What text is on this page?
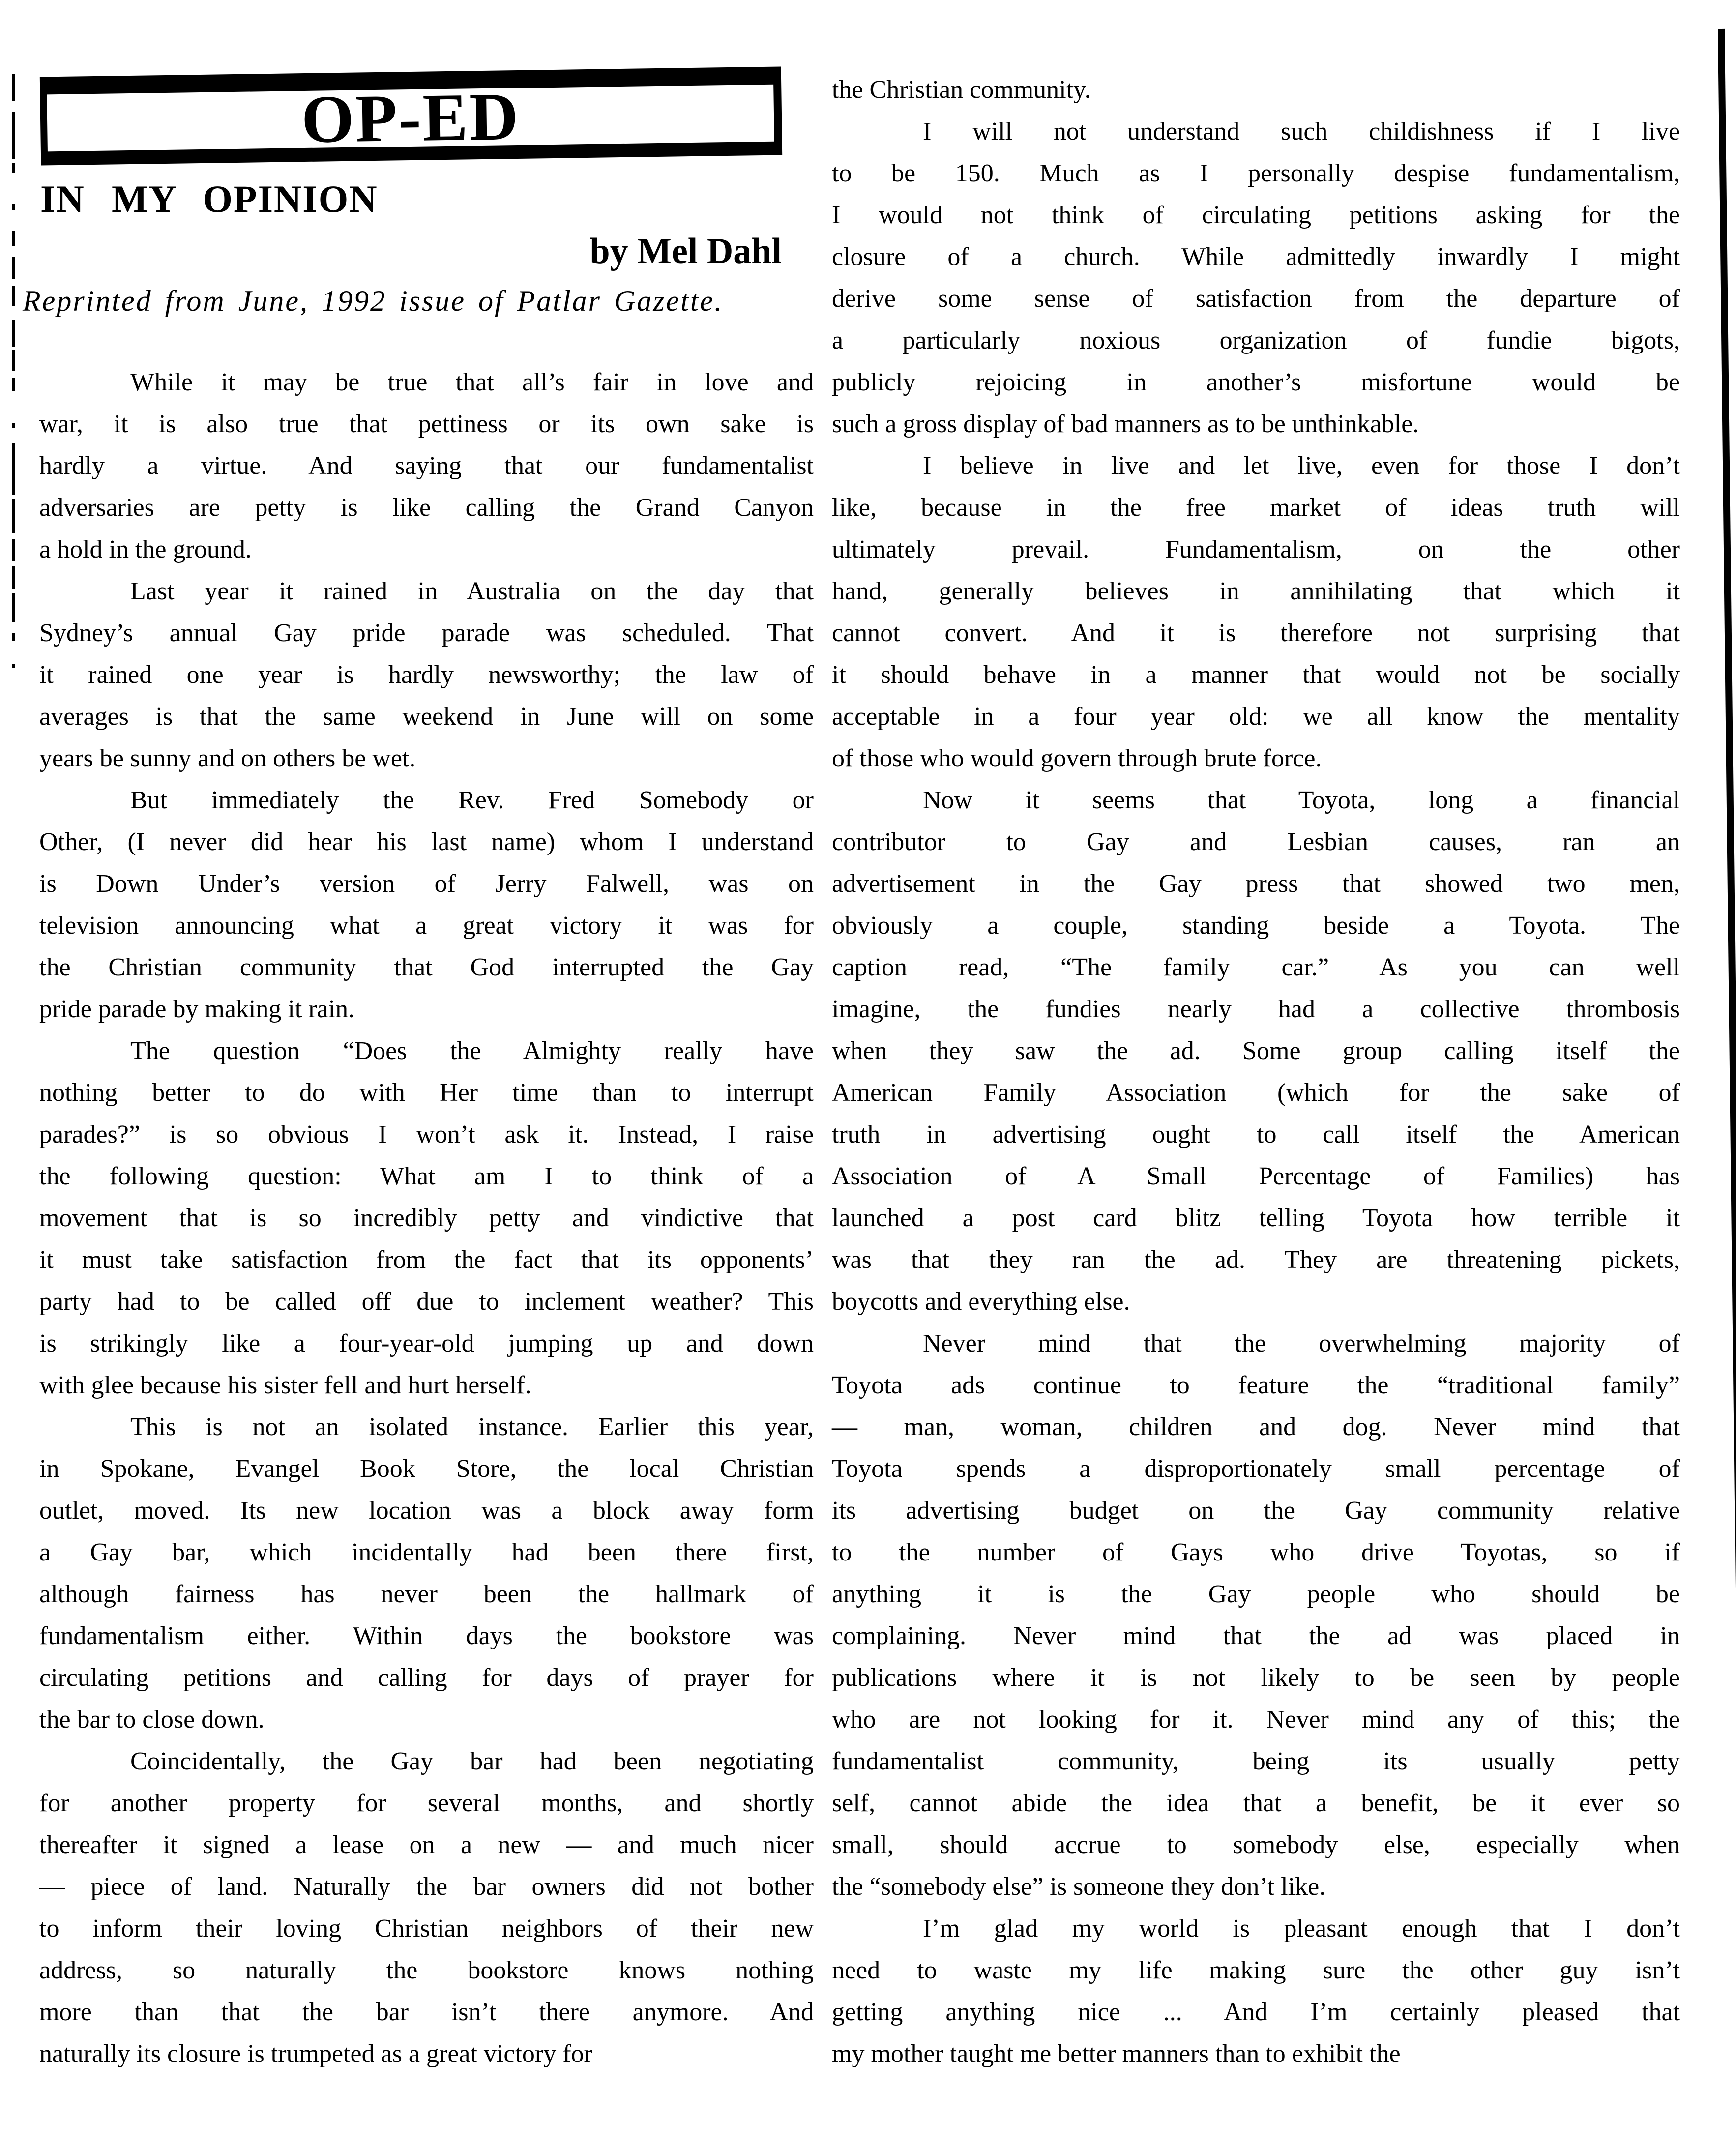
OP-ED
IN MY OPINION
by Mel Dahl
Reprinted from June, 1992 issue of Patlar Gazette.
While it may be true that all’s fair in love and
war, it is also true that pettiness or its own sake is
hardly a virtue. And saying that our fundamentalist
adversaries are petty is like calling the Grand Canyon
a hold in the ground.
Last year it rained in Australia on the day that
Sydney’s annual Gay pride parade was scheduled. That
it rained one year is hardly newsworthy; the law of
averages is that the same weekend in June will on some
years be sunny and on others be wet.
But immediately the Rev. Fred Somebody or
Other, (I never did hear his last name) whom I understand
is Down Under’s version of Jerry Falwell, was on
television announcing what a great victory it was for
the Christian community that God interrupted the Gay
pride parade by making it rain.
The question “Does the Almighty really have
nothing better to do with Her time than to interrupt
parades?” is so obvious I won’t ask it. Instead, I raise
the following question: What am I to think of a
movement that is so incredibly petty and vindictive that
it must take satisfaction from the fact that its opponents’
party had to be called off due to inclement weather? This
is strikingly like a four-year-old jumping up and down
with glee because his sister fell and hurt herself.
This is not an isolated instance. Earlier this year,
in Spokane, Evangel Book Store, the local Christian
outlet, moved. Its new location was a block away form
a Gay bar, which incidentally had been there first,
although fairness has never been the hallmark of
fundamentalism either. Within days the bookstore was
circulating petitions and calling for days of prayer for
the bar to close down.
Coincidentally, the Gay bar had been negotiating
for another property for several months, and shortly
thereafter it signed a lease on a new — and much nicer
— piece of land. Naturally the bar owners did not bother
to inform their loving Christian neighbors of their new
address, so naturally the bookstore knows nothing
more than that the bar isn’t there anymore. And
naturally its closure is trumpeted as a great victory for
the Christian community.
I will not understand such childishness if I live
to be 150. Much as I personally despise fundamentalism,
I would not think of circulating petitions asking for the
closure of a church. While admittedly inwardly I might
derive some sense of satisfaction from the departure of
a particularly noxious organization of fundie bigots,
publicly rejoicing in another’s misfortune would be
such a gross display of bad manners as to be unthinkable.
I believe in live and let live, even for those I don’t
like, because in the free market of ideas truth will
ultimately prevail. Fundamentalism, on the other
hand, generally believes in annihilating that which it
cannot convert. And it is therefore not surprising that
it should behave in a manner that would not be socially
acceptable in a four year old: we all know the mentality
of those who would govern through brute force.
Now it seems that Toyota, long a financial
contributor to Gay and Lesbian causes, ran an
advertisement in the Gay press that showed two men,
obviously a couple, standing beside a Toyota. The
caption read, “The family car.” As you can well
imagine, the fundies nearly had a collective thrombosis
when they saw the ad. Some group calling itself the
American Family Association (which for the sake of
truth in advertising ought to call itself the American
Association of A Small Percentage of Families) has
launched a post card blitz telling Toyota how terrible it
was that they ran the ad. They are threatening pickets,
boycotts and everything else.
Never mind that the overwhelming majority of
Toyota ads continue to feature the “traditional family”
— man, woman, children and dog. Never mind that
Toyota spends a disproportionately small percentage of
its advertising budget on the Gay community relative
to the number of Gays who drive Toyotas, so if
anything it is the Gay people who should be
complaining. Never mind that the ad was placed in
publications where it is not likely to be seen by people
who are not looking for it. Never mind any of this; the
fundamentalist community, being its usually petty
self, cannot abide the idea that a benefit, be it ever so
small, should accrue to somebody else, especially when
the “somebody else” is someone they don’t like.
I’m glad my world is pleasant enough that I don’t
need to waste my life making sure the other guy isn’t
getting anything nice ... And I’m certainly pleased that
my mother taught me better manners than to exhibit the
